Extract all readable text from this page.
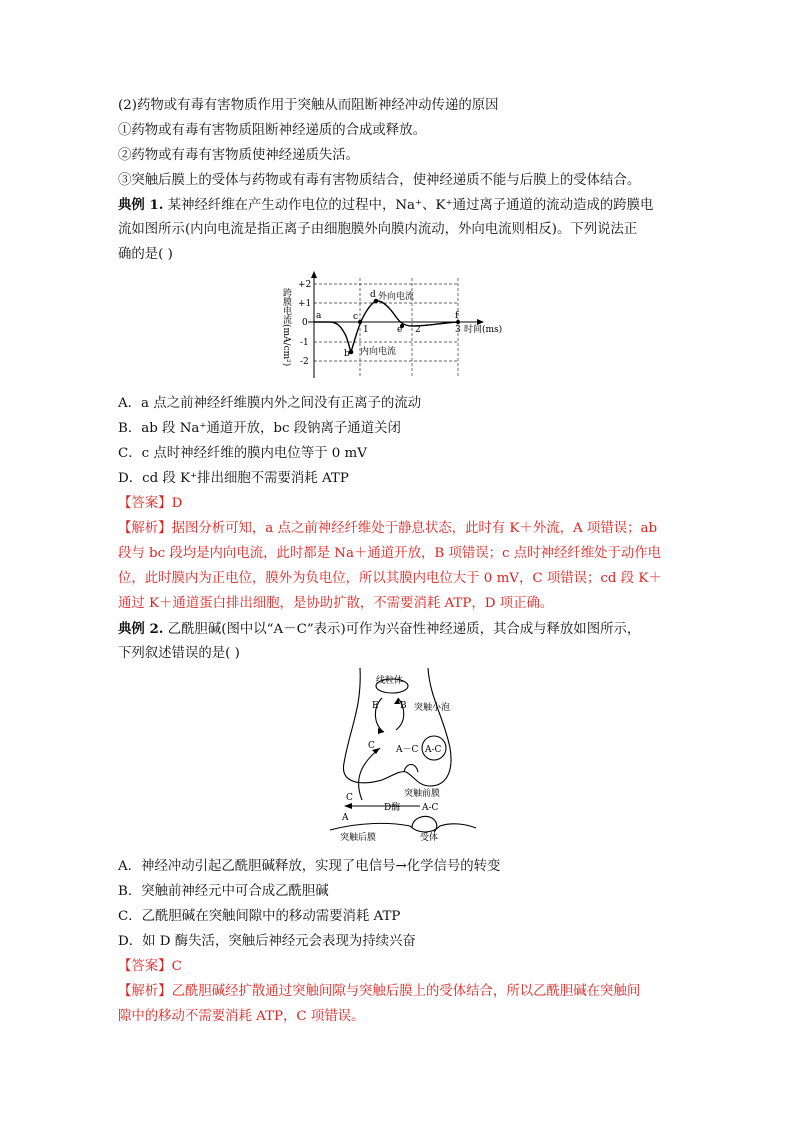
(2)药物或有毒有害物质作用于突触从而阻断神经冲动传递的原因
①药物或有毒有害物质阻断神经递质的合成或释放。
②药物或有毒有害物质使神经递质失活。
③突触后膜上的受体与药物或有毒有害物质结合，使神经递质不能与后膜上的受体结合。
典例 1. 某神经纤维在产生动作电位的过程中，Na⁺、K⁺通过离子通道的流动造成的跨膜电
流如图所示(内向电流是指正离子由细胞膜外向膜内流动，外向电流则相反)。下列说法正
确的是( )
跨膜电流(mA/cm²)
+2
+1
0
-1
-2
a
b
c
d
e
f
1	2	3 时间(ms)
外向电流
内向电流
A．a 点之前神经纤维膜内外之间没有正离子的流动
B．ab 段 Na⁺通道开放，bc 段钠离子通道关闭
C．c 点时神经纤维的膜内电位等于 0 mV
D．cd 段 K⁺排出细胞不需要消耗 ATP
【答案】D
【解析】据图分析可知，a 点之前神经纤维处于静息状态，此时有 K＋外流，A 项错误；ab
段与 bc 段均是内向电流，此时都是 Na＋通道开放，B 项错误；c 点时神经纤维处于动作电
位，此时膜内为正电位，膜外为负电位，所以其膜内电位大于 0 mV，C 项错误；cd 段 K＋
通过 K＋通道蛋白排出细胞，是协助扩散，不需要消耗 ATP，D 项正确。
典例 2. 乙酰胆碱(图中以“A－C”表示)可作为兴奋性神经递质，其合成与释放如图所示，
下列叙述错误的是( )
线粒体
E B 突触小泡
C A－C A-C
突触前膜
D酶 A-C
C
A
突触后膜	受体
A．神经冲动引起乙酰胆碱释放，实现了电信号→化学信号的转变
B．突触前神经元中可合成乙酰胆碱
C．乙酰胆碱在突触间隙中的移动需要消耗 ATP
D．如 D 酶失活，突触后神经元会表现为持续兴奋
【答案】C
【解析】乙酰胆碱经扩散通过突触间隙与突触后膜上的受体结合，所以乙酰胆碱在突触间
隙中的移动不需要消耗 ATP，C 项错误。
